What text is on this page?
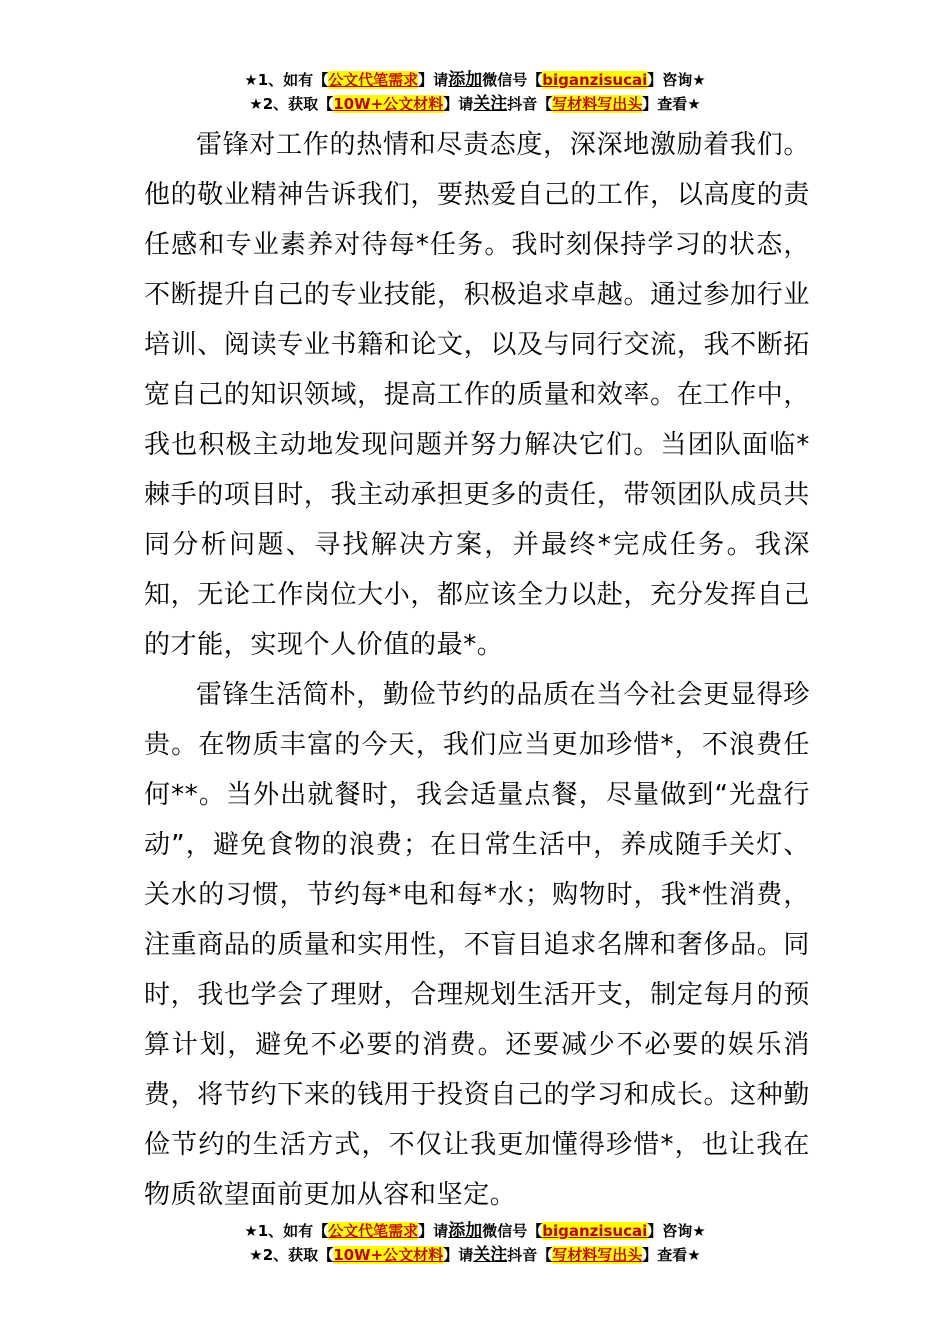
★1、如有【公文代笔需求】请添加微信号【biganzisucai】咨询★
★2、获取【10W+公文材料】请关注抖音【写材料写出头】查看★

雷锋对工作的热情和尽责态度，深深地激励着我们。他的敬业精神告诉我们，要热爱自己的工作，以高度的责任感和专业素养对待每*任务。我时刻保持学习的状态，不断提升自己的专业技能，积极追求卓越。通过参加行业培训、阅读专业书籍和论文，以及与同行交流，我不断拓宽自己的知识领域，提高工作的质量和效率。在工作中，我也积极主动地发现问题并努力解决它们。当团队面临*棘手的项目时，我主动承担更多的责任，带领团队成员共同分析问题、寻找解决方案，并最终*完成任务。我深知，无论工作岗位大小，都应该全力以赴，充分发挥自己的才能，实现个人价值的最*。

雷锋生活简朴，勤俭节约的品质在当今社会更显得珍贵。在物质丰富的今天，我们应当更加珍惜*，不浪费任何**。当外出就餐时，我会适量点餐，尽量做到“光盘行动”，避免食物的浪费；在日常生活中，养成随手关灯、关水的习惯，节约每*电和每*水；购物时，我*性消费，注重商品的质量和实用性，不盲目追求名牌和奢侈品。同时，我也学会了理财，合理规划生活开支，制定每月的预算计划，避免不必要的消费。还要减少不必要的娱乐消费，将节约下来的钱用于投资自己的学习和成长。这种勤俭节约的生活方式，不仅让我更加懂得珍惜*，也让我在物质欲望面前更加从容和坚定。

★1、如有【公文代笔需求】请添加微信号【biganzisucai】咨询★
★2、获取【10W+公文材料】请关注抖音【写材料写出头】查看★
